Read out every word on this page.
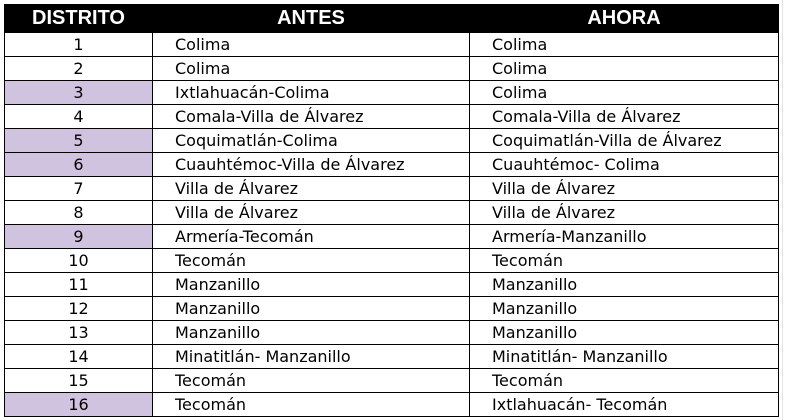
DISTRITO	ANTES	AHORA
1	Colima	Colima
2	Colima	Colima
3	Ixtlahuacán-Colima	Colima
4	Comala-Villa de Álvarez	Comala-Villa de Álvarez
5	Coquimatlán-Colima	Coquimatlán-Villa de Álvarez
6	Cuauhtémoc-Villa de Álvarez	Cuauhtémoc- Colima
7	Villa de Álvarez	Villa de Álvarez
8	Villa de Álvarez	Villa de Álvarez
9	Armería-Tecomán	Armería-Manzanillo
10	Tecomán	Tecomán
11	Manzanillo	Manzanillo
12	Manzanillo	Manzanillo
13	Manzanillo	Manzanillo
14	Minatitlán- Manzanillo	Minatitlán- Manzanillo
15	Tecomán	Tecomán
16	Tecomán	Ixtlahuacán- Tecomán
